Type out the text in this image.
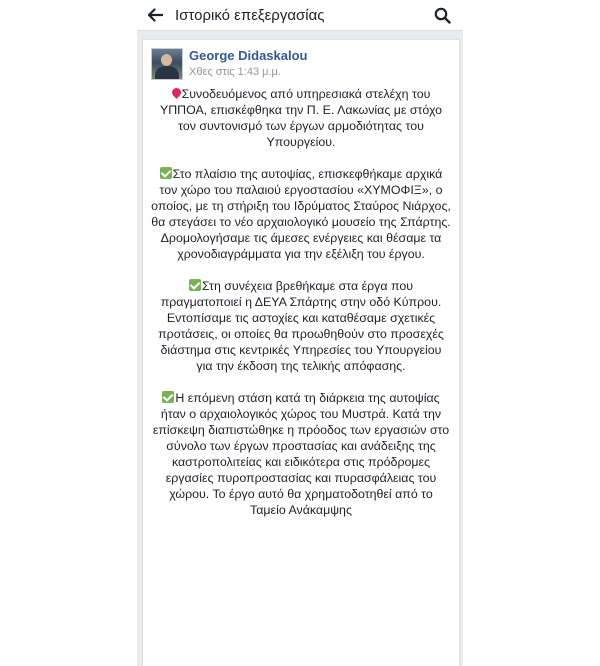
Ιστορικό επεξεργασίας
George Didaskalou
Χθες στις 1:43 μ.μ.

Συνοδευόμενος από υπηρεσιακά στελέχη του ΥΠΠΟΑ, επισκέφθηκα την Π. Ε. Λακωνίας με στόχο τον συντονισμό των έργων αρμοδιότητας του Υπουργείου.

Στο πλαίσιο της αυτοψίας, επισκεφθήκαμε αρχικά τον χώρο του παλαιού εργοστασίου «ΧΥΜΟΦΙΞ», ο οποίος, με τη στήριξη του Ιδρύματος Σταύρος Νιάρχος, θα στεγάσει το νέο αρχαιολογικό μουσείο της Σπάρτης. Δρομολογήσαμε τις άμεσες ενέργειες και θέσαμε τα χρονοδιαγράμματα για την εξέλιξη του έργου.

Στη συνέχεια βρεθήκαμε στα έργα που πραγματοποιεί η ΔΕΥΑ Σπάρτης στην οδό Κύπρου. Εντοπίσαμε τις αστοχίες και καταθέσαμε σχετικές προτάσεις, οι οποίες θα προωθηθούν στο προσεχές διάστημα στις κεντρικές Υπηρεσίες του Υπουργείου για την έκδοση της τελικής απόφασης.

Η επόμενη στάση κατά τη διάρκεια της αυτοψίας ήταν ο αρχαιολογικός χώρος του Μυστρά. Κατά την επίσκεψη διαπιστώθηκε η πρόοδος των εργασιών στο σύνολο των έργων προστασίας και ανάδειξης της καστροπολιτείας και ειδικότερα στις πρόδρομες εργασίες πυροπροστασίας και πυρασφάλειας του χώρου. Το έργο αυτό θα χρηματοδοτηθεί από το Ταμείο Ανάκαμψης
